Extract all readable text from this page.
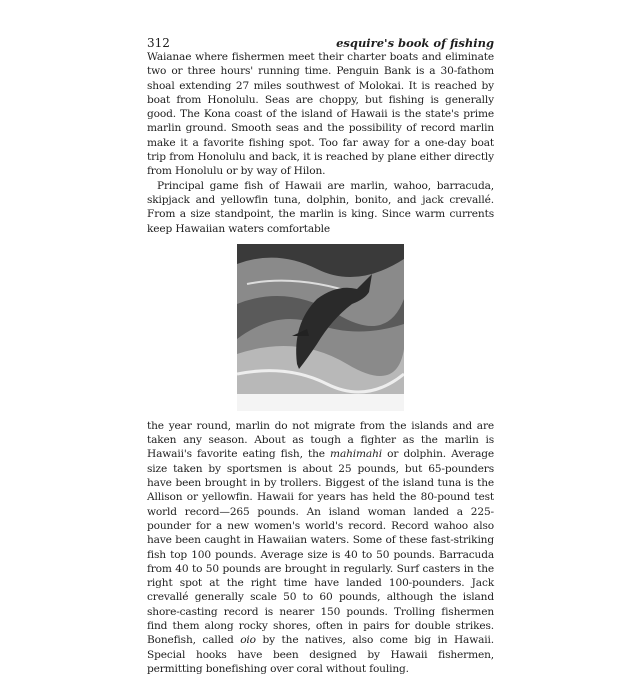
312	esquire's book of fishing

Waianae where fishermen meet their charter boats and eliminate two or three hours' running time. Penguin Bank is a 30-fathom shoal extending 27 miles southwest of Molokai. It is reached by boat from Honolulu. Seas are choppy, but fishing is generally good. The Kona coast of the island of Hawaii is the state's prime marlin ground. Smooth seas and the possibility of record marlin make it a favorite fishing spot. Too far away for a one-day boat trip from Honolulu and back, it is reached by plane either directly from Honolulu or by way of Hilon.

Principal game fish of Hawaii are marlin, wahoo, barracuda, skipjack and yellowfin tuna, dolphin, bonito, and jack crevallé. From a size standpoint, the marlin is king. Since warm currents keep Hawaiian waters comfortable

the year round, marlin do not migrate from the islands and are taken any season. About as tough a fighter as the marlin is Hawaii's favorite eating fish, the mahimahi or dolphin. Average size taken by sportsmen is about 25 pounds, but 65-pounders have been brought in by trollers. Biggest of the island tuna is the Allison or yellowfin. Hawaii for years has held the 80-pound test world record—265 pounds. An island woman landed a 225-pounder for a new women's world's record. Record wahoo also have been caught in Hawaiian waters. Some of these fast-striking fish top 100 pounds. Average size is 40 to 50 pounds. Barracuda from 40 to 50 pounds are brought in regularly. Surf casters in the right spot at the right time have landed 100-pounders. Jack crevallé generally scale 50 to 60 pounds, although the island shore-casting record is nearer 150 pounds. Trolling fishermen find them along rocky shores, often in pairs for double strikes. Bonefish, called oio by the natives, also come big in Hawaii. Special hooks have been designed by Hawaii fishermen, permitting bonefishing over coral without fouling.
